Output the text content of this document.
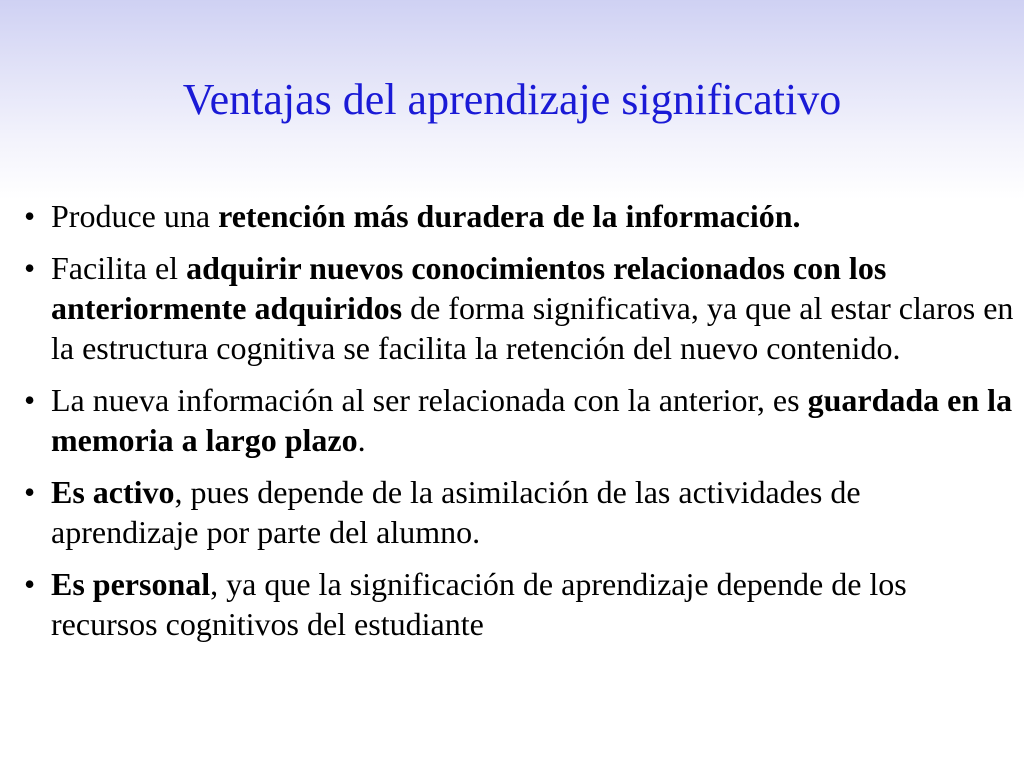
Ventajas del aprendizaje significativo
• Produce una retención más duradera de la información.
• Facilita el adquirir nuevos conocimientos relacionados con los anteriormente adquiridos de forma significativa, ya que al estar claros en la estructura cognitiva se facilita la retención del nuevo contenido.
• La nueva información al ser relacionada con la anterior, es guardada en la memoria a largo plazo.
• Es activo, pues depende de la asimilación de las actividades de aprendizaje por parte del alumno.
• Es personal, ya que la significación de aprendizaje depende de los recursos cognitivos del estudiante
